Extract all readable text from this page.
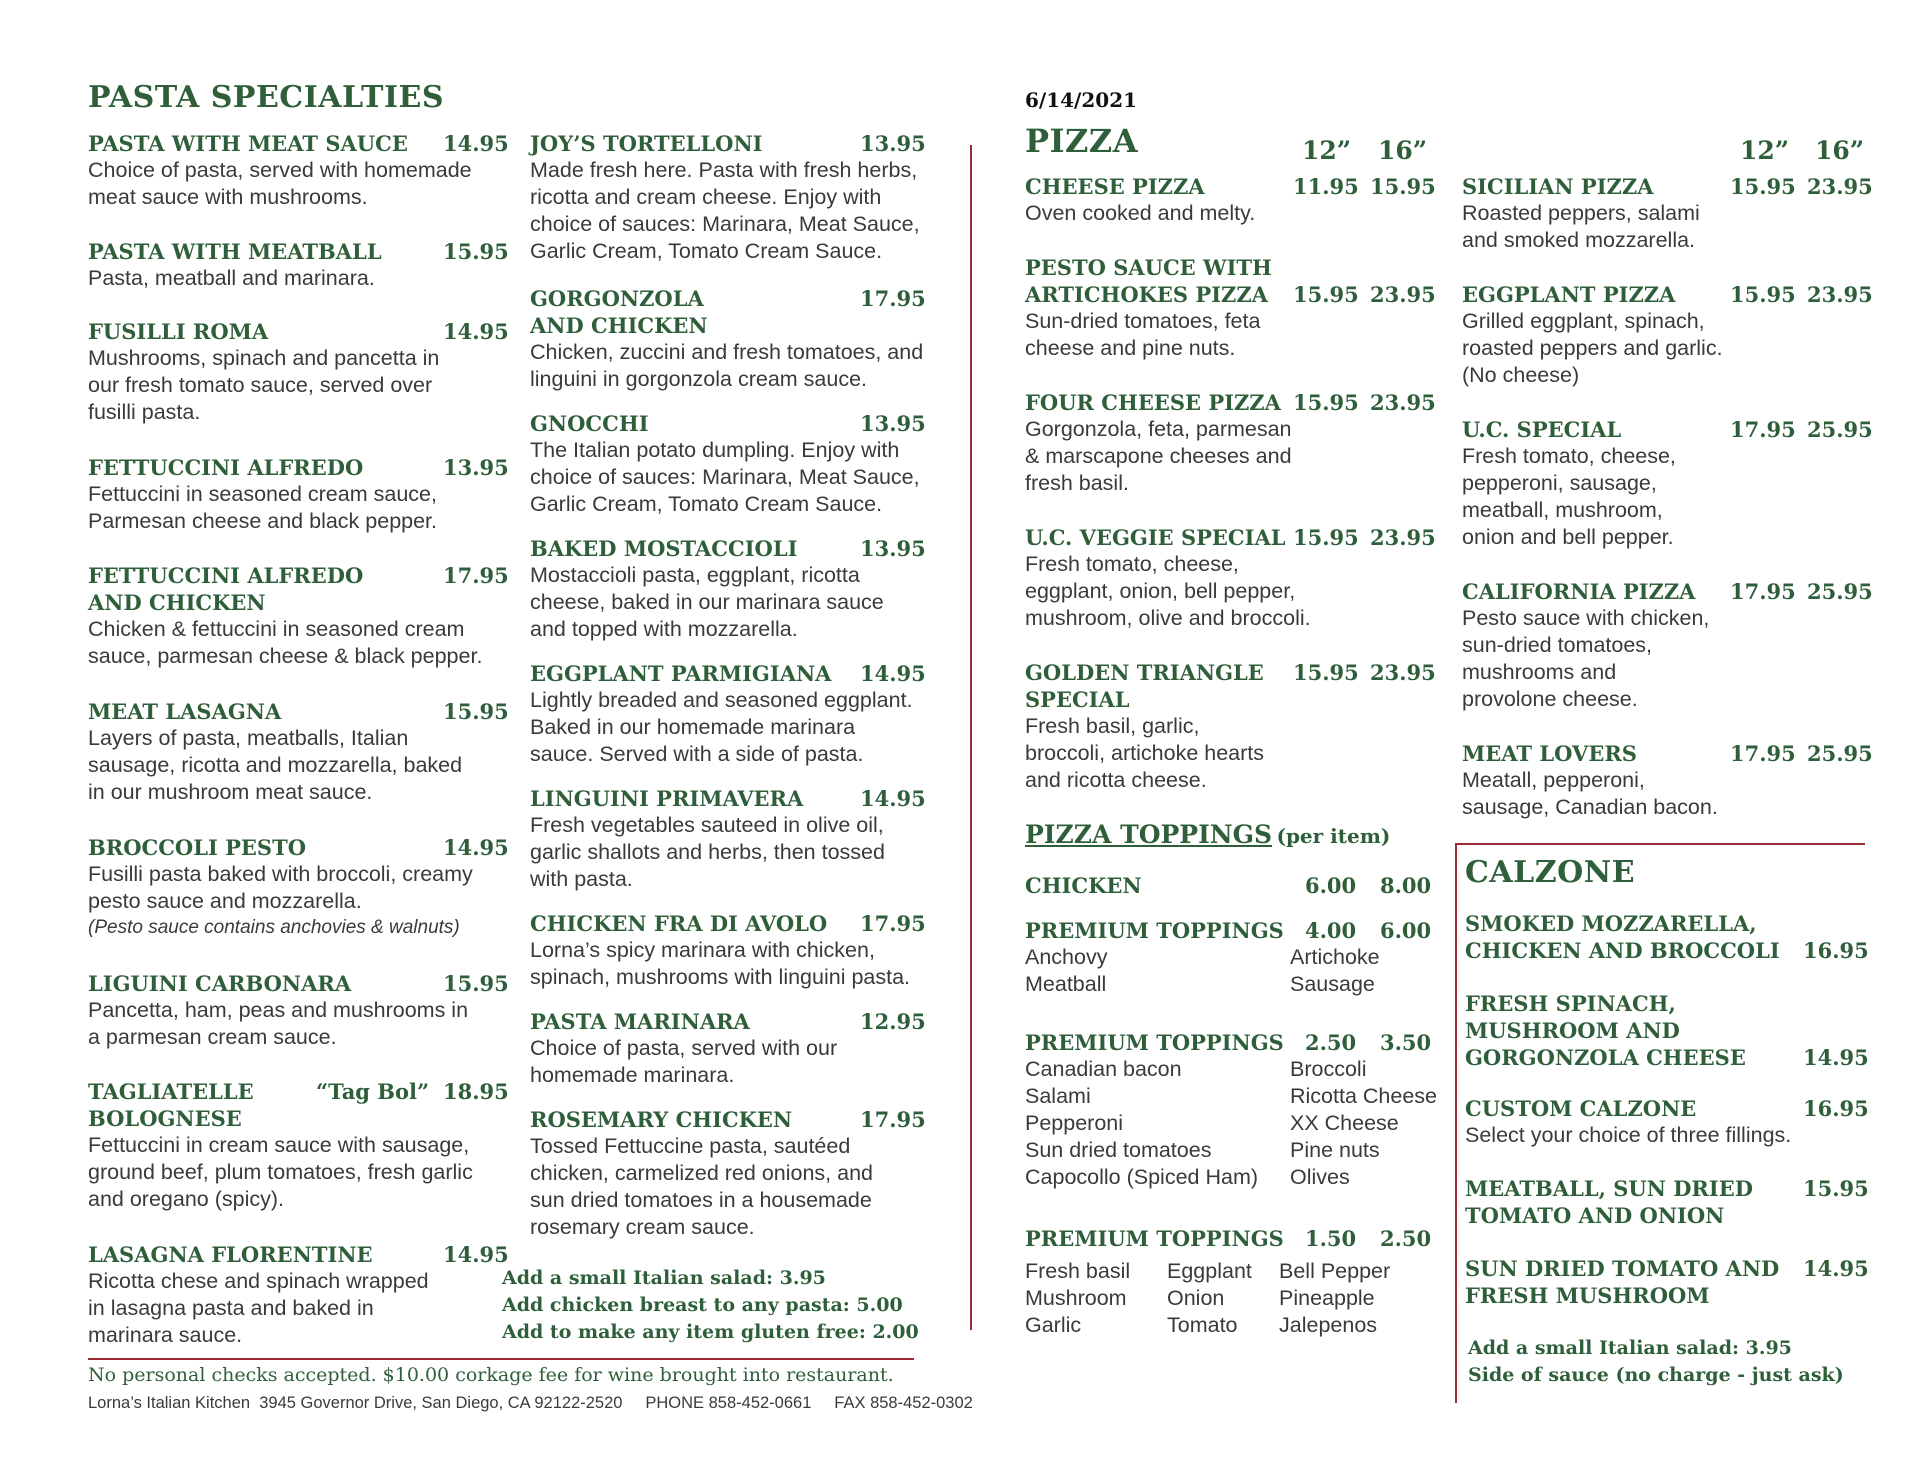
PASTA SPECIALTIES
PASTA WITH MEAT SAUCE	14.95
Choice of pasta, served with homemade meat sauce with mushrooms.
PASTA WITH MEATBALL	15.95
Pasta, meatball and marinara.
FUSILLI ROMA	14.95
Mushrooms, spinach and pancetta in our fresh tomato sauce, served over fusilli pasta.
FETTUCCINI ALFREDO	13.95
Fettuccini in seasoned cream sauce, Parmesan cheese and black pepper.
FETTUCCINI ALFREDO AND CHICKEN
17.95
Chicken & fettuccini in seasoned cream sauce, parmesan cheese & black pepper.
MEAT LASAGNA	15.95
Layers of pasta, meatballs, Italian sausage, ricotta and mozzarella, baked in our mushroom meat sauce.
BROCCOLI PESTO	14.95
Fusilli pasta baked with broccoli, creamy pesto sauce and mozzarella.
(Pesto sauce contains anchovies & walnuts)
LIGUINI CARBONARA	15.95
Pancetta, ham, peas and mushrooms in a parmesan cream sauce.
TAGLIATELLE BOLOGNESE
“Tag Bol” 18.95
Fettuccini in cream sauce with sausage, ground beef, plum tomatoes, fresh garlic and oregano (spicy).
LASAGNA FLORENTINE	14.95
Ricotta chese and spinach wrapped in lasagna pasta and baked in marinara sauce.
JOY’S TORTELLONI	13.95
Made fresh here. Pasta with fresh herbs, ricotta and cream cheese. Enjoy with choice of sauces: Marinara, Meat Sauce, Garlic Cream, Tomato Cream Sauce.
GORGONZOLA AND CHICKEN
17.95
Chicken, zuccini and fresh tomatoes, and linguini in gorgonzola cream sauce.
GNOCCHI	13.95
The Italian potato dumpling. Enjoy with choice of sauces: Marinara, Meat Sauce, Garlic Cream, Tomato Cream Sauce.
BAKED MOSTACCIOLI	13.95
Mostaccioli pasta, eggplant, ricotta cheese, baked in our marinara sauce and topped with mozzarella.
EGGPLANT PARMIGIANA	14.95
Lightly breaded and seasoned eggplant. Baked in our homemade marinara sauce. Served with a side of pasta.
LINGUINI PRIMAVERA	14.95
Fresh vegetables sauteed in olive oil, garlic shallots and herbs, then tossed with pasta.
CHICKEN FRA DI AVOLO	17.95
Lorna’s spicy marinara with chicken, spinach, mushrooms with linguini pasta.
PASTA MARINARA	12.95
Choice of pasta, served with our homemade marinara.
ROSEMARY CHICKEN	17.95
Tossed Fettuccine pasta, sautéed chicken, carmelized red onions, and sun dried tomatoes in a housemade rosemary cream sauce.
Add a small Italian salad: 3.95
Add chicken breast to any pasta: 5.00
Add to make any item gluten free: 2.00
No personal checks accepted. $10.00 corkage fee for wine brought into restaurant.
Lorna’s Italian Kitchen  3945 Governor Drive, San Diego, CA 92122-2520     PHONE 858-452-0661     FAX 858-452-0302
6/14/2021
PIZZA	12” 16”	12” 16”
CHEESE PIZZA	11.95 15.95
Oven cooked and melty.
PESTO SAUCE WITH ARTICHOKES PIZZA	15.95 23.95
Sun-dried tomatoes, feta cheese and pine nuts.
FOUR CHEESE PIZZA 15.95 23.95
Gorgonzola, feta, parmesan & marscapone cheeses and fresh basil.
U.C. VEGGIE SPECIAL 15.95 23.95
Fresh tomato, cheese, eggplant, onion, bell pepper, mushroom, olive and broccoli.
GOLDEN TRIANGLE SPECIAL
15.95 23.95
Fresh basil, garlic, broccoli, artichoke hearts and ricotta cheese.
SICILIAN PIZZA	15.95 23.95
Roasted peppers, salami and smoked mozzarella.
EGGPLANT PIZZA	15.95 23.95
Grilled eggplant, spinach, roasted peppers and garlic. (No cheese)
U.C. SPECIAL	17.95 25.95
Fresh tomato, cheese, pepperoni, sausage, meatball, mushroom, onion and bell pepper.
CALIFORNIA PIZZA	17.95 25.95
Pesto sauce with chicken, sun-dried tomatoes, mushrooms and provolone cheese.
MEAT LOVERS	17.95 25.95
Meatall, pepperoni, sausage, Canadian bacon.
PIZZA TOPPINGS (per item)
CHICKEN	6.00 8.00
PREMIUM TOPPINGS	4.00 6.00
Anchovy	Artichoke
Meatball	Sausage
PREMIUM TOPPINGS	2.50 3.50
Canadian bacon	Broccoli
Salami	Ricotta Cheese
Pepperoni	XX Cheese
Sun dried tomatoes	Pine nuts
Capocollo (Spiced Ham)	Olives
PREMIUM TOPPINGS	1.50 2.50
Fresh basil	Eggplant	Bell Pepper
Mushroom	Onion	Pineapple
Garlic	Tomato	Jalepenos
CALZONE
SMOKED MOZZARELLA, CHICKEN AND BROCCOLI	16.95
FRESH SPINACH, MUSHROOM AND GORGONZOLA CHEESE	14.95
CUSTOM CALZONE	16.95
Select your choice of three fillings.
MEATBALL, SUN DRIED TOMATO AND ONION
15.95
SUN DRIED TOMATO AND FRESH MUSHROOM
14.95
Add a small Italian salad: 3.95
Side of sauce (no charge - just ask)
